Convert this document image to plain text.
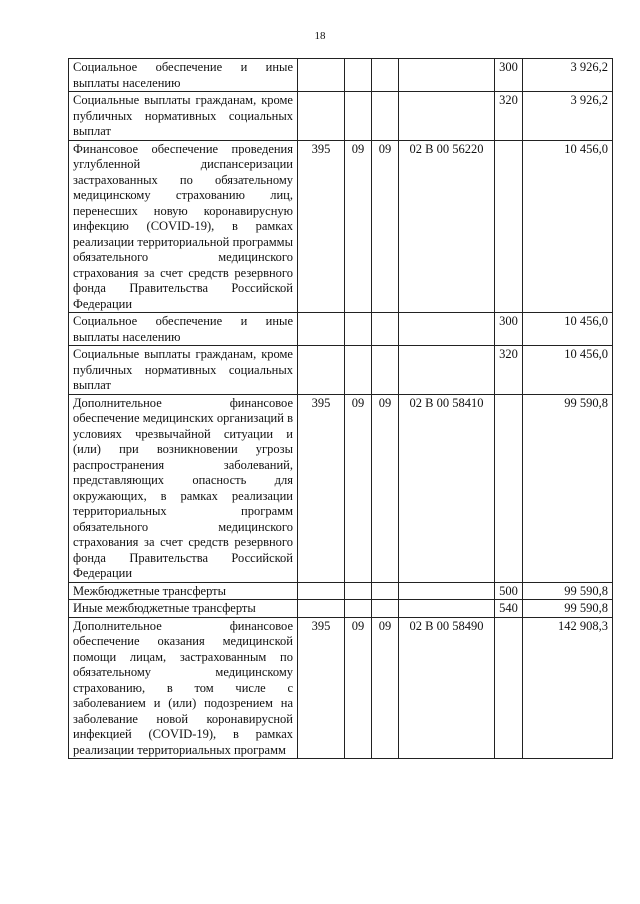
18
Социальное обеспечение и иные выплаты населению					300	3 926,2
Социальные выплаты гражданам, кроме публичных нормативных социальных выплат					320	3 926,2
Финансовое обеспечение проведения углубленной диспансеризации застрахованных по обязательному медицинскому страхованию лиц, перенесших новую коронавирусную инфекцию (COVID-19), в рамках реализации территориальной программы обязательного медицинского страхования за счет средств резервного фонда Правительства Российской Федерации	395	09	09	02 В 00 56220		10 456,0
Социальное обеспечение и иные выплаты населению					300	10 456,0
Социальные выплаты гражданам, кроме публичных нормативных социальных выплат					320	10 456,0
Дополнительное финансовое обеспечение медицинских организаций в условиях чрезвычайной ситуации и (или) при возникновении угрозы распространения заболеваний, представляющих опасность для окружающих, в рамках реализации территориальных программ обязательного медицинского страхования за счет средств резервного фонда Правительства Российской Федерации	395	09	09	02 В 00 58410		99 590,8
Межбюджетные трансферты					500	99 590,8
Иные межбюджетные трансферты					540	99 590,8
Дополнительное финансовое обеспечение оказания медицинской помощи лицам, застрахованным по обязательному медицинскому страхованию, в том числе с заболеванием и (или) подозрением на заболевание новой коронавирусной инфекцией (COVID-19), в рамках реализации территориальных программ	395	09	09	02 В 00 58490		142 908,3
